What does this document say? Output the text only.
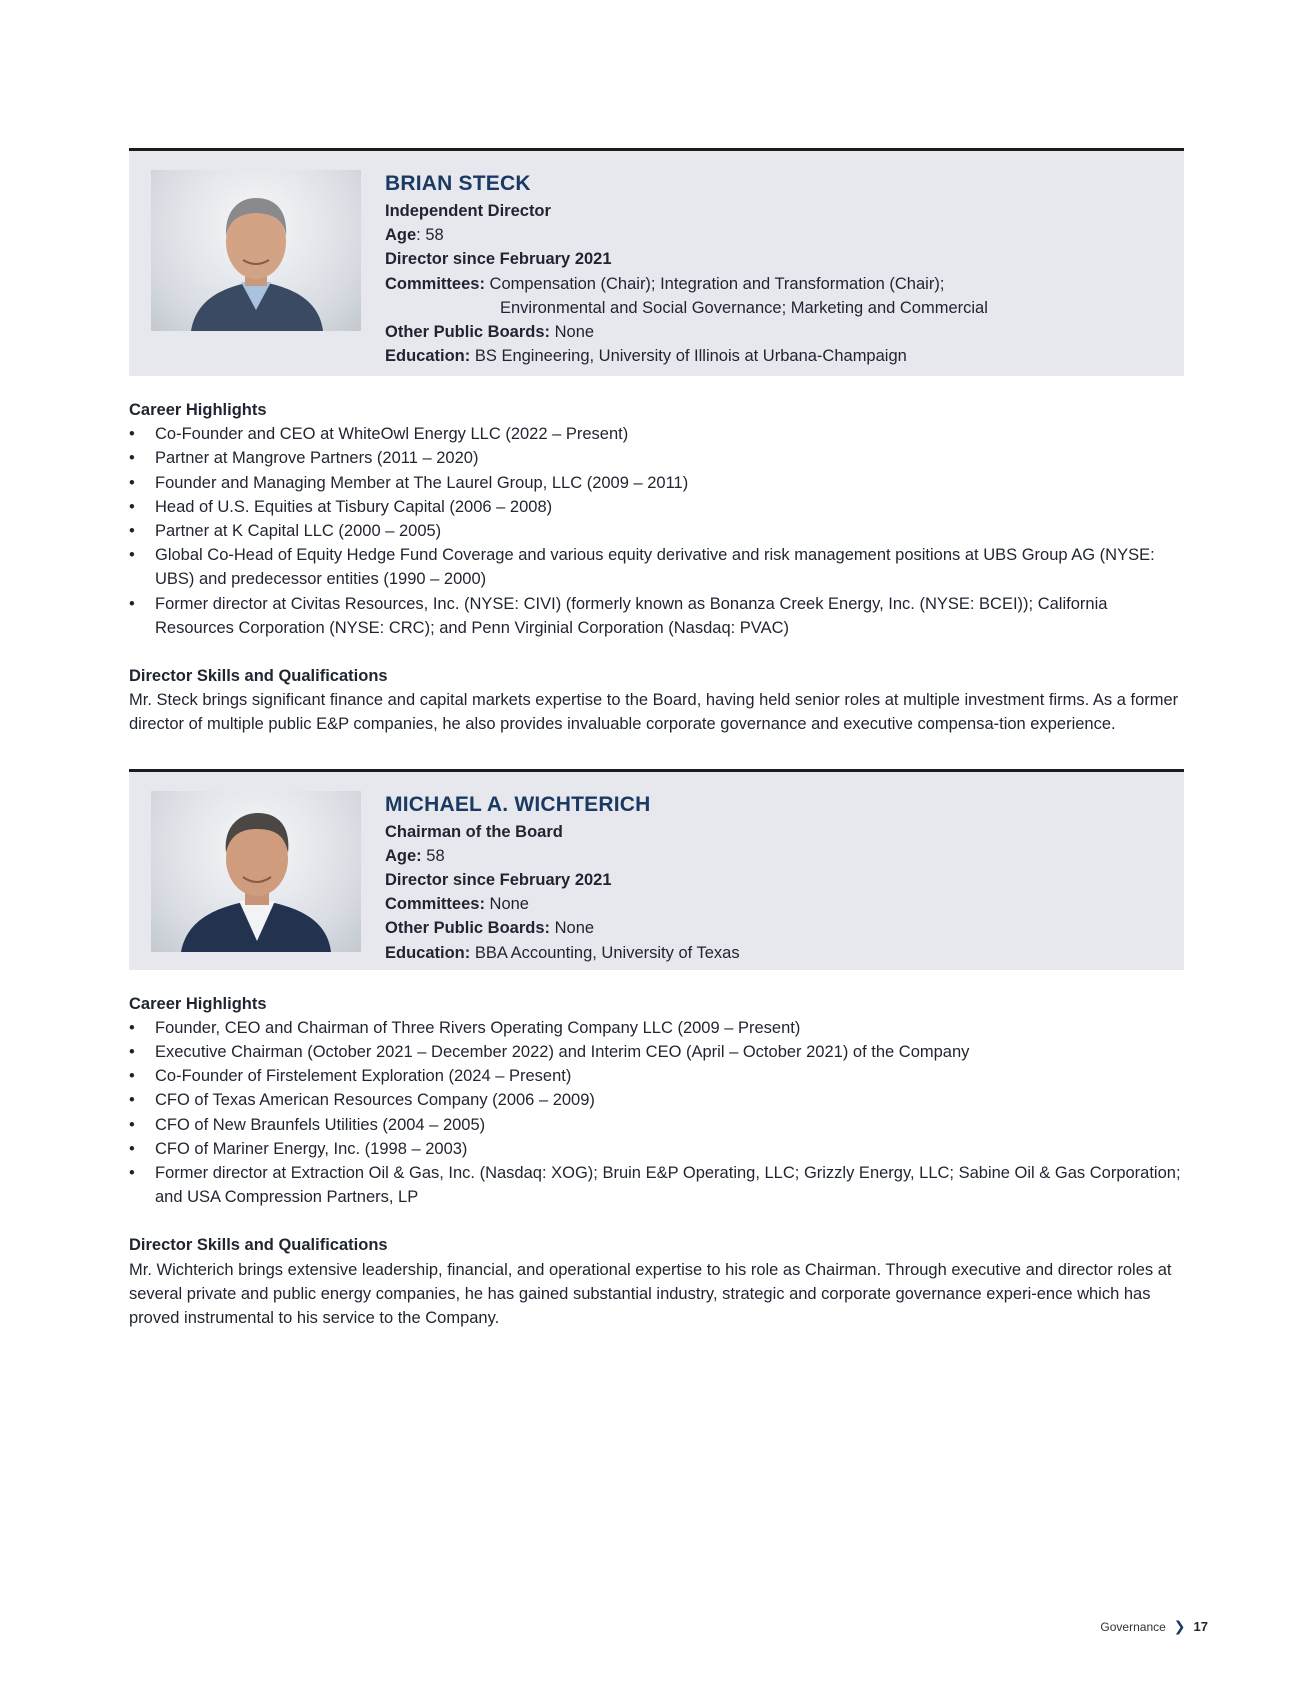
BRIAN STECK
Independent Director
Age: 58
Director since February 2021
Committees: Compensation (Chair); Integration and Transformation (Chair);
Environmental and Social Governance; Marketing and Commercial
Other Public Boards: None
Education: BS Engineering, University of Illinois at Urbana-Champaign
Career Highlights
• Co-Founder and CEO at WhiteOwl Energy LLC (2022 – Present)
• Partner at Mangrove Partners (2011 – 2020)
• Founder and Managing Member at The Laurel Group, LLC (2009 – 2011)
• Head of U.S. Equities at Tisbury Capital (2006 – 2008)
• Partner at K Capital LLC (2000 – 2005)
• Global Co-Head of Equity Hedge Fund Coverage and various equity derivative and risk management positions at UBS Group AG (NYSE: UBS) and predecessor entities (1990 – 2000)
• Former director at Civitas Resources, Inc. (NYSE: CIVI) (formerly known as Bonanza Creek Energy, Inc. (NYSE: BCEI)); California Resources Corporation (NYSE: CRC); and Penn Virginial Corporation (Nasdaq: PVAC)
Director Skills and Qualifications

Mr. Steck brings significant finance and capital markets expertise to the Board, having held senior roles at multiple investment firms. As a former director of multiple public E&P companies, he also provides invaluable corporate governance and executive compensa-tion experience.

MICHAEL A. WICHTERICH
Chairman of the Board
Age: 58
Director since February 2021
Committees: None
Other Public Boards: None
Education: BBA Accounting, University of Texas
Career Highlights
• Founder, CEO and Chairman of Three Rivers Operating Company LLC (2009 – Present)
• Executive Chairman (October 2021 – December 2022) and Interim CEO (April – October 2021) of the Company
• Co-Founder of Firstelement Exploration (2024 – Present)
• CFO of Texas American Resources Company (2006 – 2009)
• CFO of New Braunfels Utilities (2004 – 2005)
• CFO of Mariner Energy, Inc. (1998 – 2003)
• Former director at Extraction Oil & Gas, Inc. (Nasdaq: XOG); Bruin E&P Operating, LLC; Grizzly Energy, LLC; Sabine Oil & Gas Corporation; and USA Compression Partners, LP
Director Skills and Qualifications

Mr. Wichterich brings extensive leadership, financial, and operational expertise to his role as Chairman. Through executive and director roles at several private and public energy companies, he has gained substantial industry, strategic and corporate governance experi-ence which has proved instrumental to his service to the Company.

Governance ❯ 17
